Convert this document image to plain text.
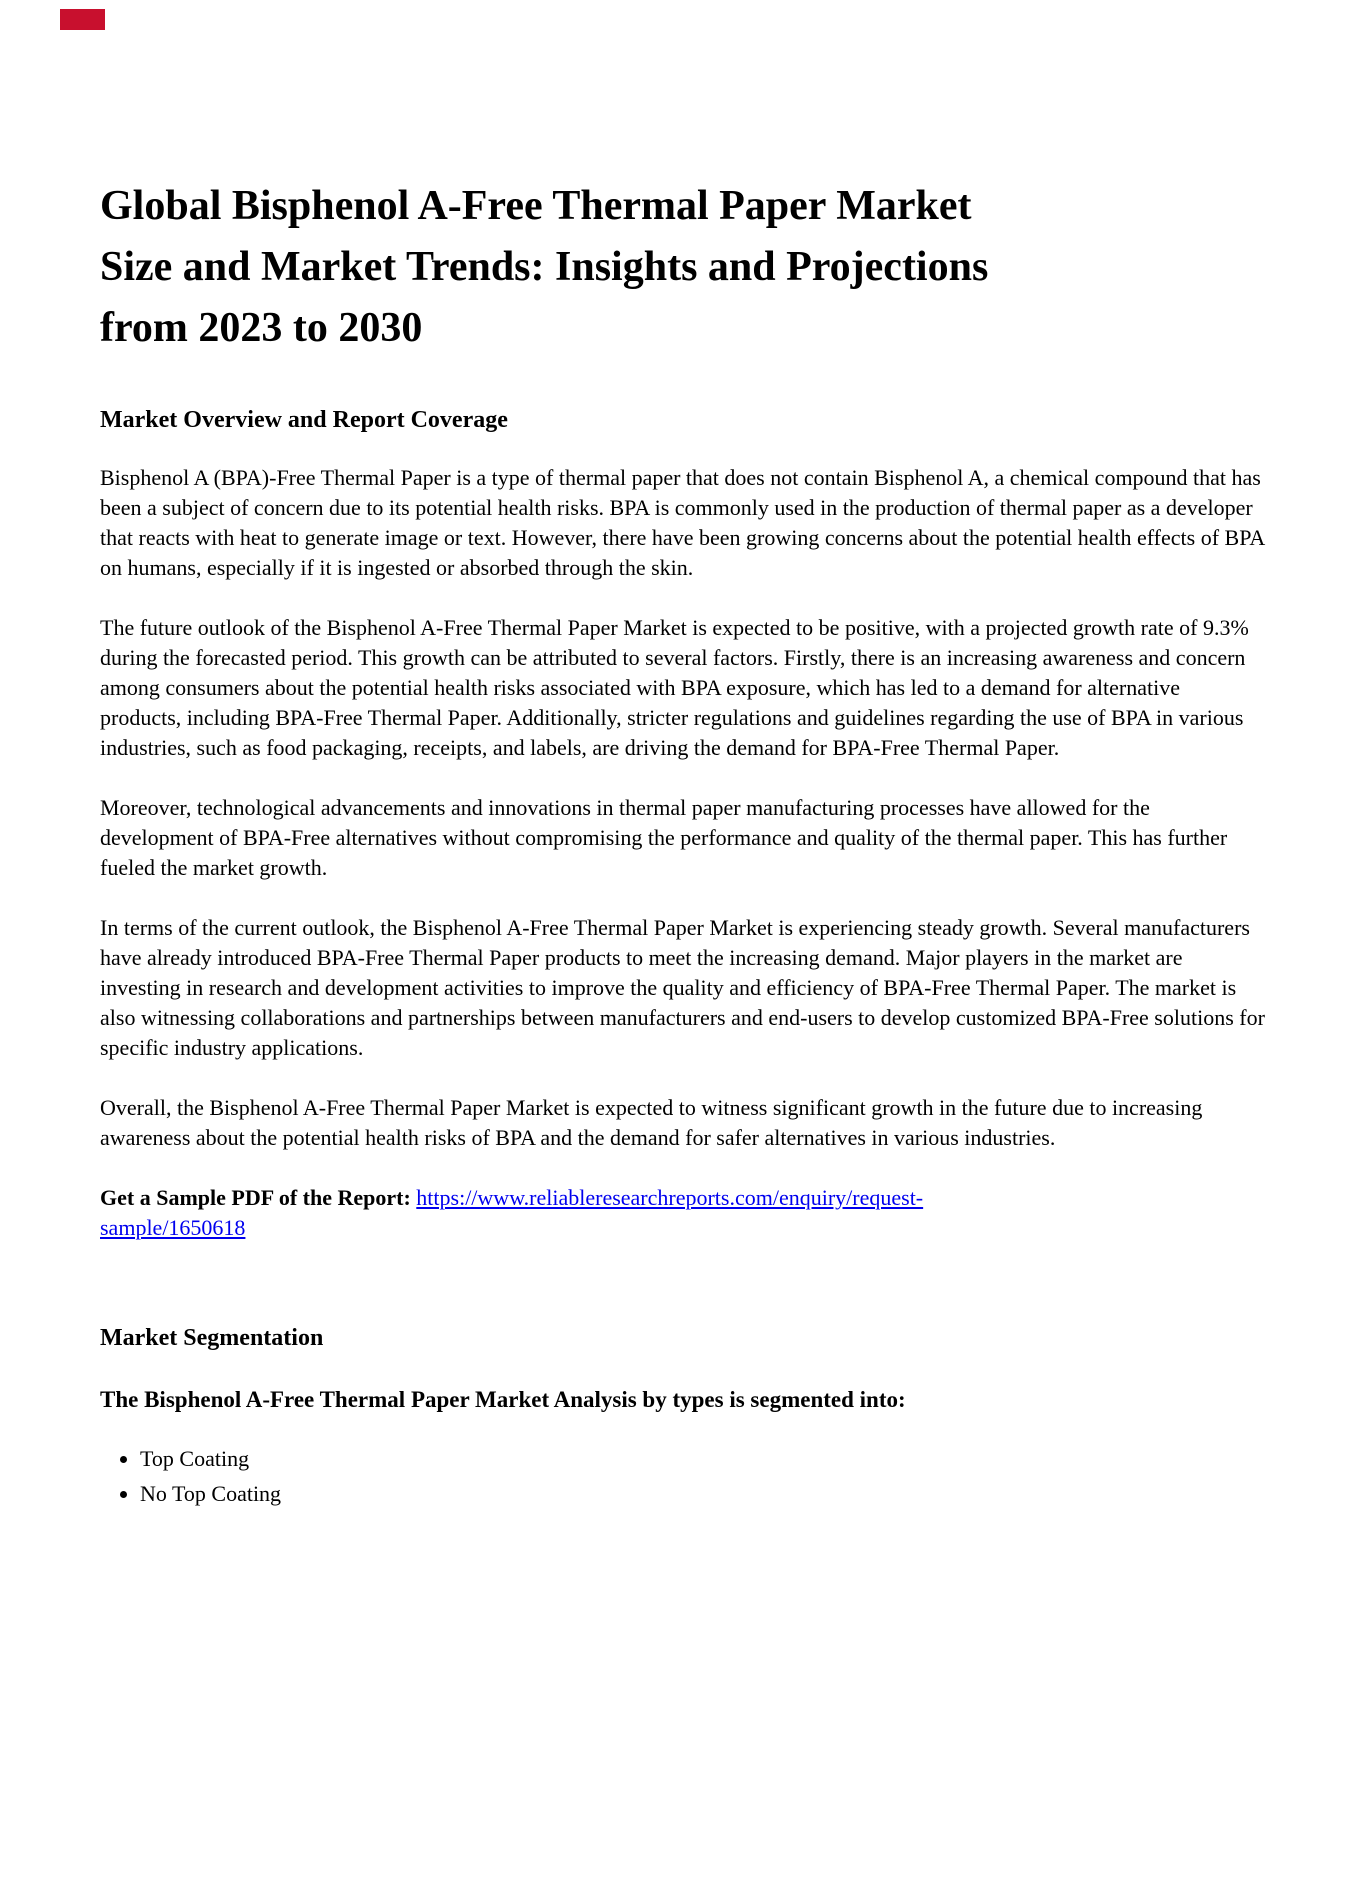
Global Bisphenol A-Free Thermal Paper Market
Size and Market Trends: Insights and Projections
from 2023 to 2030
Market Overview and Report Coverage

Bisphenol A (BPA)-Free Thermal Paper is a type of thermal paper that does not contain Bisphenol A, a chemical compound that has been a subject of concern due to its potential health risks. BPA is commonly used in the production of thermal paper as a developer that reacts with heat to generate image or text. However, there have been growing concerns about the potential health effects of BPA on humans, especially if it is ingested or absorbed through the skin.

The future outlook of the Bisphenol A-Free Thermal Paper Market is expected to be positive, with a projected growth rate of 9.3% during the forecasted period. This growth can be attributed to several factors. Firstly, there is an increasing awareness and concern among consumers about the potential health risks associated with BPA exposure, which has led to a demand for alternative products, including BPA-Free Thermal Paper. Additionally, stricter regulations and guidelines regarding the use of BPA in various industries, such as food packaging, receipts, and labels, are driving the demand for BPA-Free Thermal Paper.

Moreover, technological advancements and innovations in thermal paper manufacturing processes have allowed for the development of BPA-Free alternatives without compromising the performance and quality of the thermal paper. This has further fueled the market growth.

In terms of the current outlook, the Bisphenol A-Free Thermal Paper Market is experiencing steady growth. Several manufacturers have already introduced BPA-Free Thermal Paper products to meet the increasing demand. Major players in the market are investing in research and development activities to improve the quality and efficiency of BPA-Free Thermal Paper. The market is also witnessing collaborations and partnerships between manufacturers and end-users to develop customized BPA-Free solutions for specific industry applications.

Overall, the Bisphenol A-Free Thermal Paper Market is expected to witness significant growth in the future due to increasing awareness about the potential health risks of BPA and the demand for safer alternatives in various industries.

Get a Sample PDF of the Report: https://www.reliableresearchreports.com/enquiry/request-
sample/1650618

Market Segmentation

The Bisphenol A-Free Thermal Paper Market Analysis by types is segmented into:

• Top Coating
• No Top Coating
